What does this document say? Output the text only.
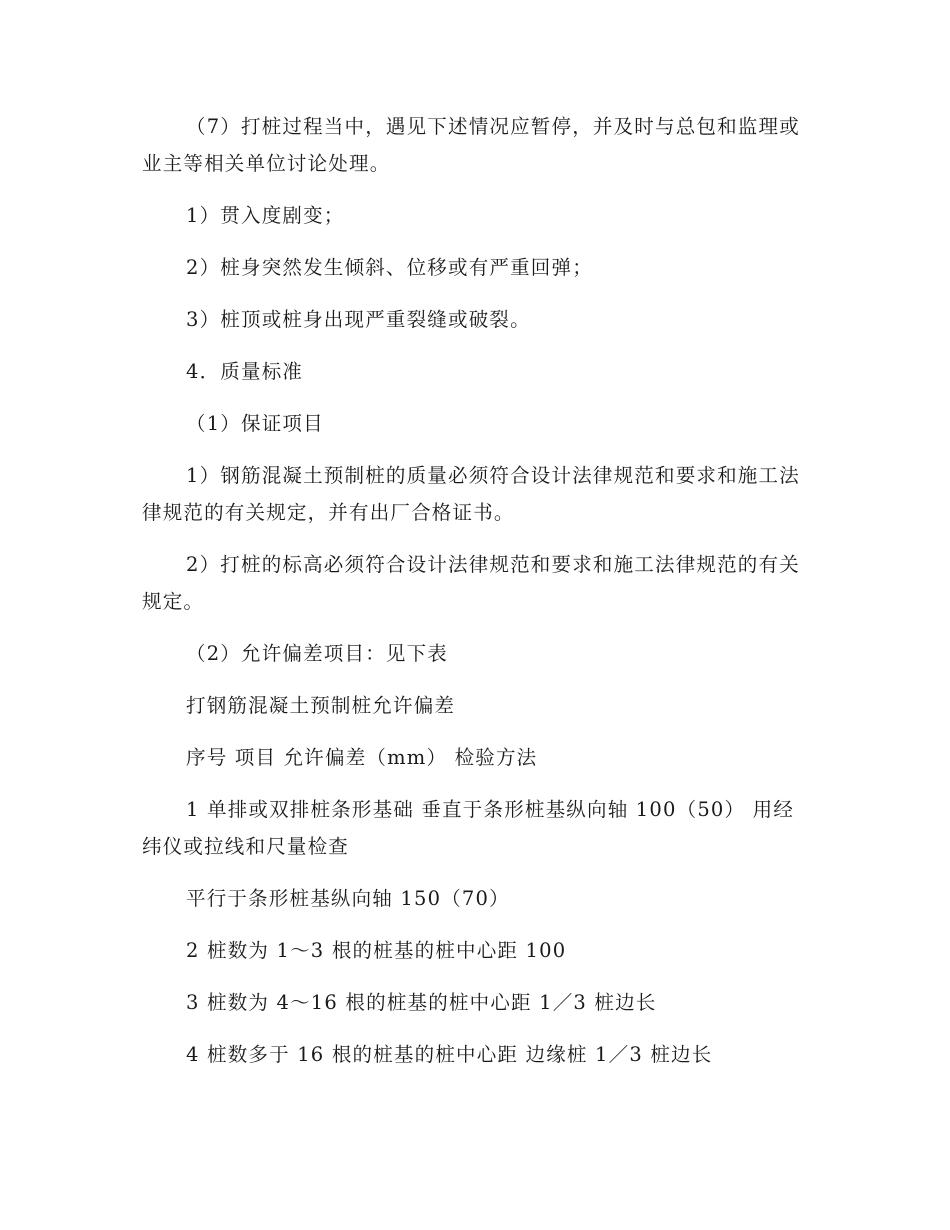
（7）打桩过程当中，遇见下述情况应暂停，并及时与总包和监理或业主等相关单位讨论处理。

1）贯入度剧变；

2）桩身突然发生倾斜、位移或有严重回弹；

3）桩顶或桩身出现严重裂缝或破裂。

4．质量标准

（1）保证项目

1）钢筋混凝土预制桩的质量必须符合设计法律规范和要求和施工法律规范的有关规定，并有出厂合格证书。

2）打桩的标高必须符合设计法律规范和要求和施工法律规范的有关规定。

（2）允许偏差项目：见下表

打钢筋混凝土预制桩允许偏差

序号 项目 允许偏差（mm） 检验方法

1 单排或双排桩条形基础 垂直于条形桩基纵向轴 100（50） 用经纬仪或拉线和尺量检查

平行于条形桩基纵向轴 150（70）

2 桩数为 1～3 根的桩基的桩中心距 100

3 桩数为 4～16 根的桩基的桩中心距 1／3 桩边长

4 桩数多于 16 根的桩基的桩中心距 边缘桩 1／3 桩边长
